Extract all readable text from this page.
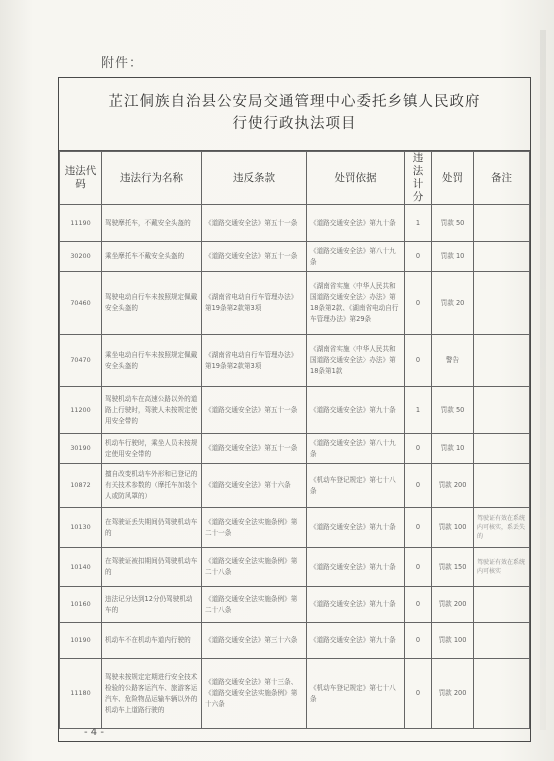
附件：
芷江侗族自治县公安局交通管理中心委托乡镇人民政府
行使行政执法项目
违法代码	违法行为名称	违反条款	处罚依据	违法计分	处罚	备注
11190	驾驶摩托车，不戴安全头盔的	《道路交通安全法》第五十一条	《道路交通安全法》第九十条	1	罚款 50	
30200	乘坐摩托车不戴安全头盔的	《道路交通安全法》第五十一条	《道路交通安全法》第八十九条	0	罚款 10	
70460	驾驶电动自行车未按照规定佩戴安全头盔的	《湖南省电动自行车管理办法》第19条第2款第3项	《湖南省实施〈中华人民共和国道路交通安全法〉办法》第18条第2款、《湖南省电动自行车管理办法》第29条	0	罚款 20	
70470	乘坐电动自行车未按照规定佩戴安全头盔的	《湖南省电动自行车管理办法》第19条第2款第3项	《湖南省实施〈中华人民共和国道路交通安全法〉办法》第18条第1款	0	警告	
11200	驾驶机动车在高速公路以外的道路上行驶时，驾驶人未按规定使用安全带的	《道路交通安全法》第五十一条	《道路交通安全法》第九十条	1	罚款 50	
30190	机动车行驶时，乘坐人员未按规定使用安全带的	《道路交通安全法》第五十一条	《道路交通安全法》第八十九条	0	罚款 10	
10872	擅自改变机动车外形和已登记的有关技术参数的（摩托车加装个人或防风罩的）	《道路交通安全法》第十六条	《机动车登记规定》第七十八条	0	罚款 200	
10130	在驾驶证丢失期间仍驾驶机动车的	《道路交通安全法实施条例》第二十一条	《道路交通安全法》第九十条	0	罚款 100	驾驶证有效在系统内可核实，系丢失的
10140	在驾驶证被扣期间仍驾驶机动车的	《道路交通安全法实施条例》第二十八条	《道路交通安全法》第九十条	0	罚款 150	驾驶证有效在系统内可核实
10160	违法记分达到12分仍驾驶机动车的	《道路交通安全法实施条例》第二十八条	《道路交通安全法》第九十条	0	罚款 200	
10190	机动车不在机动车道内行驶的	《道路交通安全法》第三十六条	《道路交通安全法》第九十条	0	罚款 100	
11180	驾驶未按规定定期进行安全技术检验的公路客运汽车、旅游客运汽车、危险物品运输车辆以外的机动车上道路行驶的	《道路交通安全法》第十三条、《道路交通安全法实施条例》第十六条	《机动车登记规定》第七十八条	0	罚款 200	
- 4 -
